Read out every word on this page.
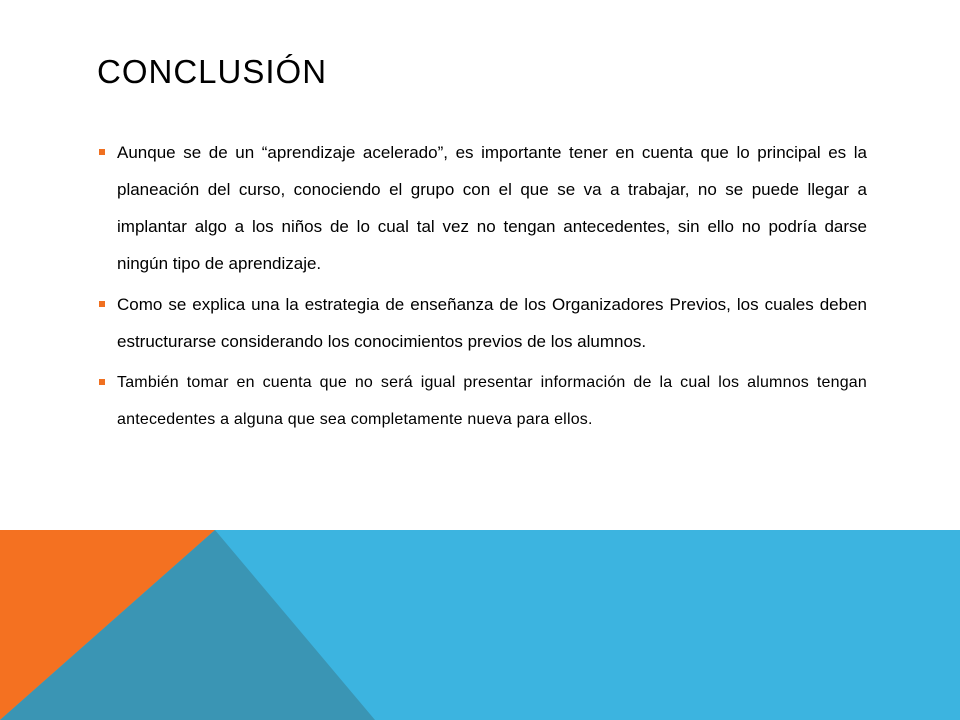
CONCLUSIÓN
Aunque se de un “aprendizaje acelerado”, es importante tener en cuenta que lo principal es la planeación del curso, conociendo el grupo con el que se va a trabajar, no se puede llegar a implantar algo a los niños de lo cual tal vez no tengan antecedentes, sin ello no podría darse ningún tipo de aprendizaje.
Como se explica una la estrategia de enseñanza de los Organizadores Previos, los cuales deben estructurarse considerando los conocimientos previos de los alumnos.
También tomar en cuenta que no será igual presentar información de la cual los alumnos tengan antecedentes a alguna que sea completamente nueva para ellos.
